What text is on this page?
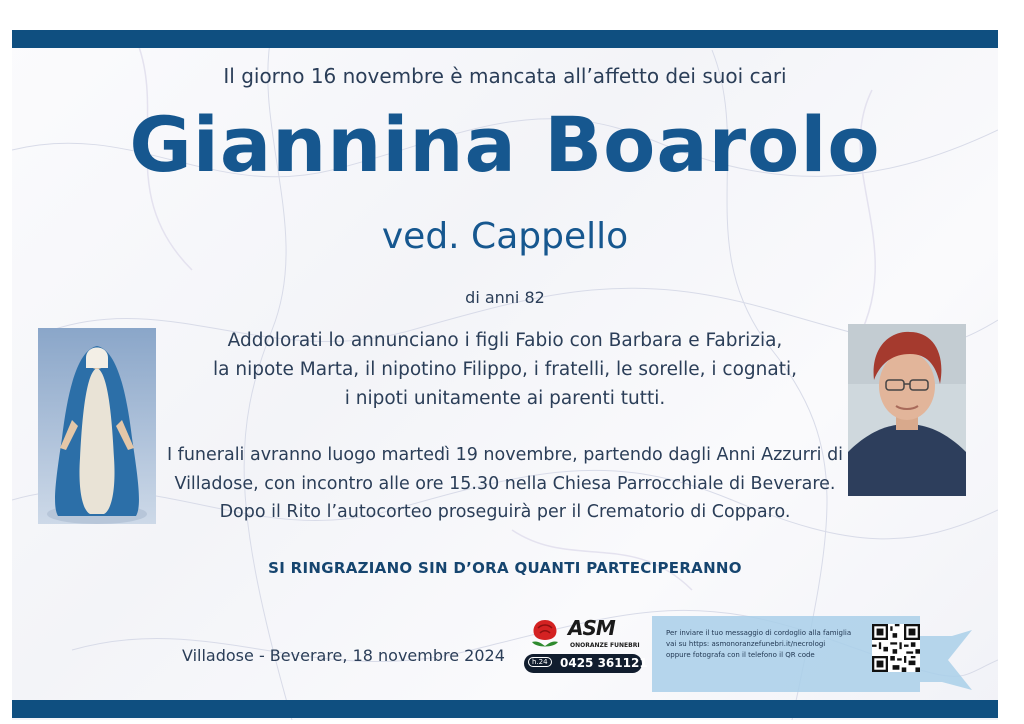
Il giorno 16 novembre è mancata all’affetto dei suoi cari
Giannina Boarolo
ved. Cappello
di anni 82
Addolorati lo annunciano i figli Fabio con Barbara e Fabrizia,
la nipote Marta, il nipotino Filippo, i fratelli, le sorelle, i cognati,
i nipoti unitamente ai parenti tutti.
I funerali avranno luogo martedì 19 novembre, partendo dagli Anni Azzurri di
Villadose, con incontro alle ore 15.30 nella Chiesa Parrocchiale di Beverare.
Dopo il Rito l’autocorteo proseguirà per il Crematorio di Copparo.
SI RINGRAZIANO SIN D’ORA QUANTI PARTECIPERANNO
Villadose - Beverare, 18 novembre 2024
ASM
ONORANZE FUNEBRI
h.24	0425 361121
Per inviare il tuo messaggio di cordoglio alla famiglia
vai su https: asmonoranzefunebri.it/necrologi
oppure fotografa con il telefono il QR code
